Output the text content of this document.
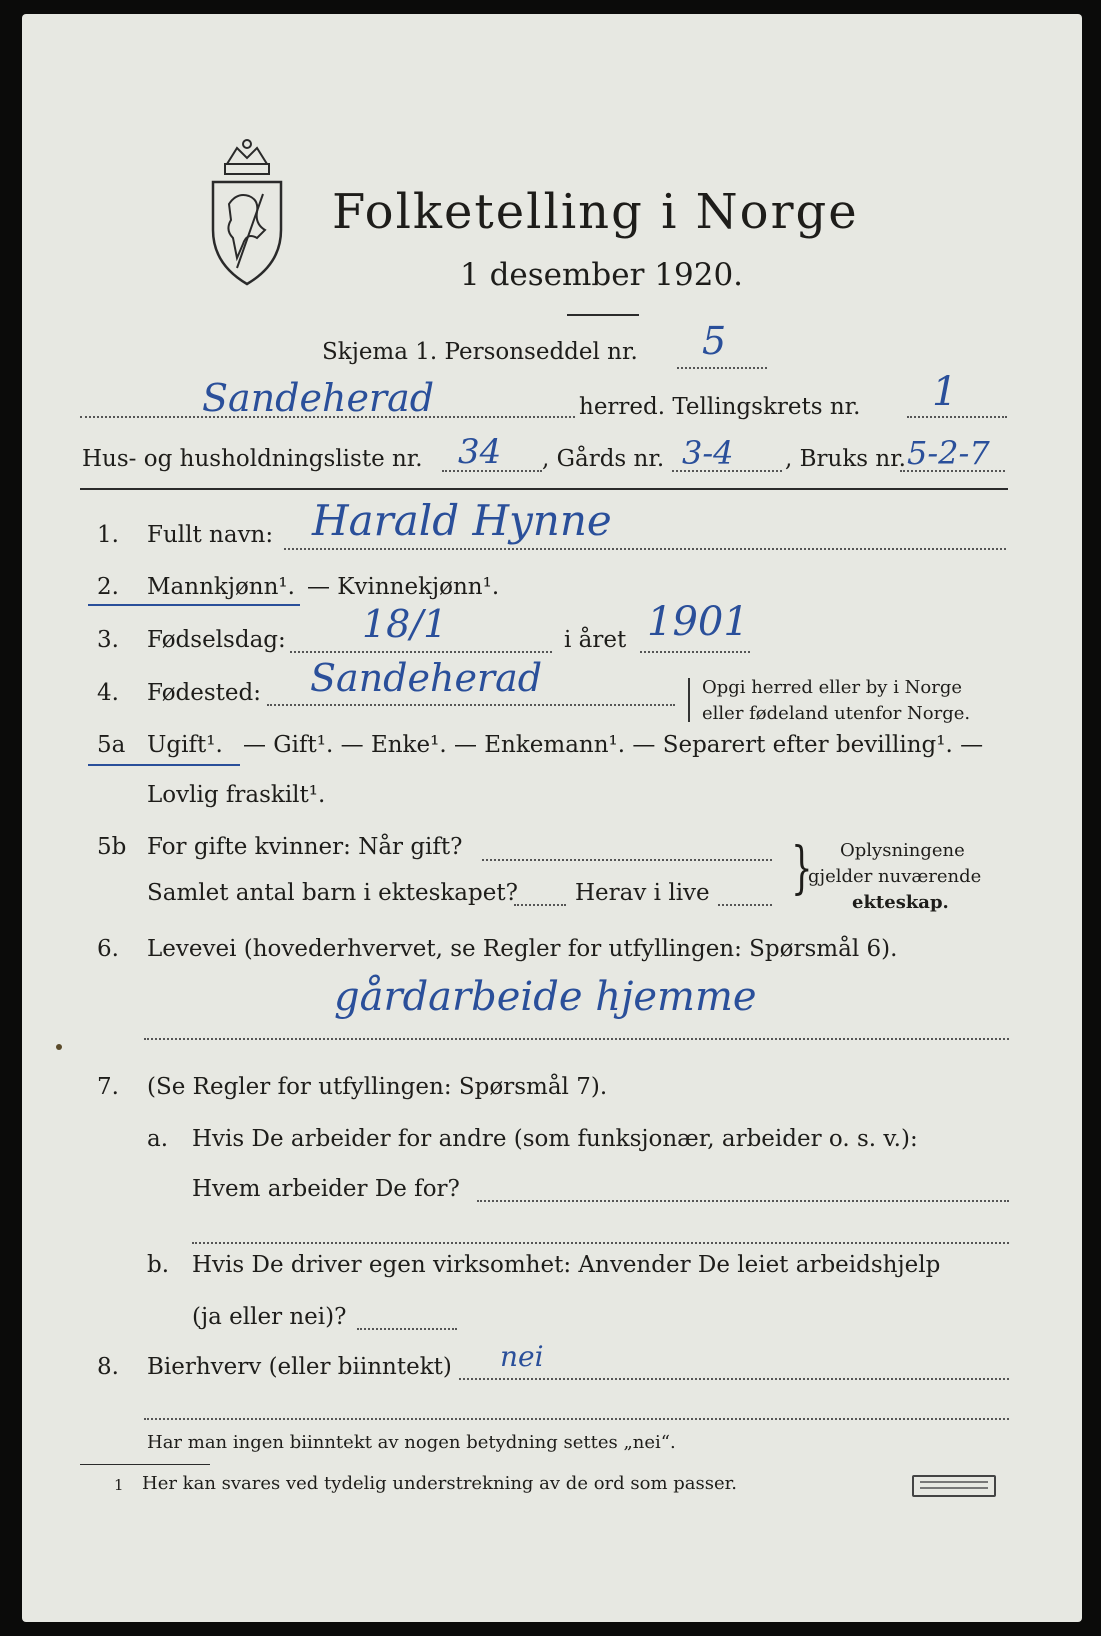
Folketelling i Norge
1 desember 1920.
Skjema 1. Personseddel nr. 5
Sandeherad	herred. Tellingskrets nr. 1
Hus- og husholdningsliste nr. 34 , Gårds nr. 3-4 , Bruks nr. 5-2-7
1. Fullt navn: Harald Hynne
2. Mannkjønn¹. — Kvinnekjønn¹.
3. Fødselsdag: 18/1	i året 1901
4. Fødested: Sandeherad	Opgi herred eller by i Norge
eller fødeland utenfor Norge.
5a Ugift¹. — Gift¹. — Enke¹. — Enkemann¹. — Separert efter bevilling¹. —
Lovlig fraskilt¹.
5b For gifte kvinner: Når gift?
Samlet antal barn i ekteskapet? Herav i live } Oplysningene
gjelder nuværende
ekteskap.
6. Levevei (hovederhvervet, se Regler for utfyllingen: Spørsmål 6).
gårdarbeide hjemme
7. (Se Regler for utfyllingen: Spørsmål 7).
a. Hvis De arbeider for andre (som funksjonær, arbeider o. s. v.):
Hvem arbeider De for?
b. Hvis De driver egen virksomhet: Anvender De leiet arbeidshjelp
(ja eller nei)?
8. Bierhverv (eller biinntekt) nei
Har man ingen biinntekt av nogen betydning settes „nei“.
1 Her kan svares ved tydelig understrekning av de ord som passer.
